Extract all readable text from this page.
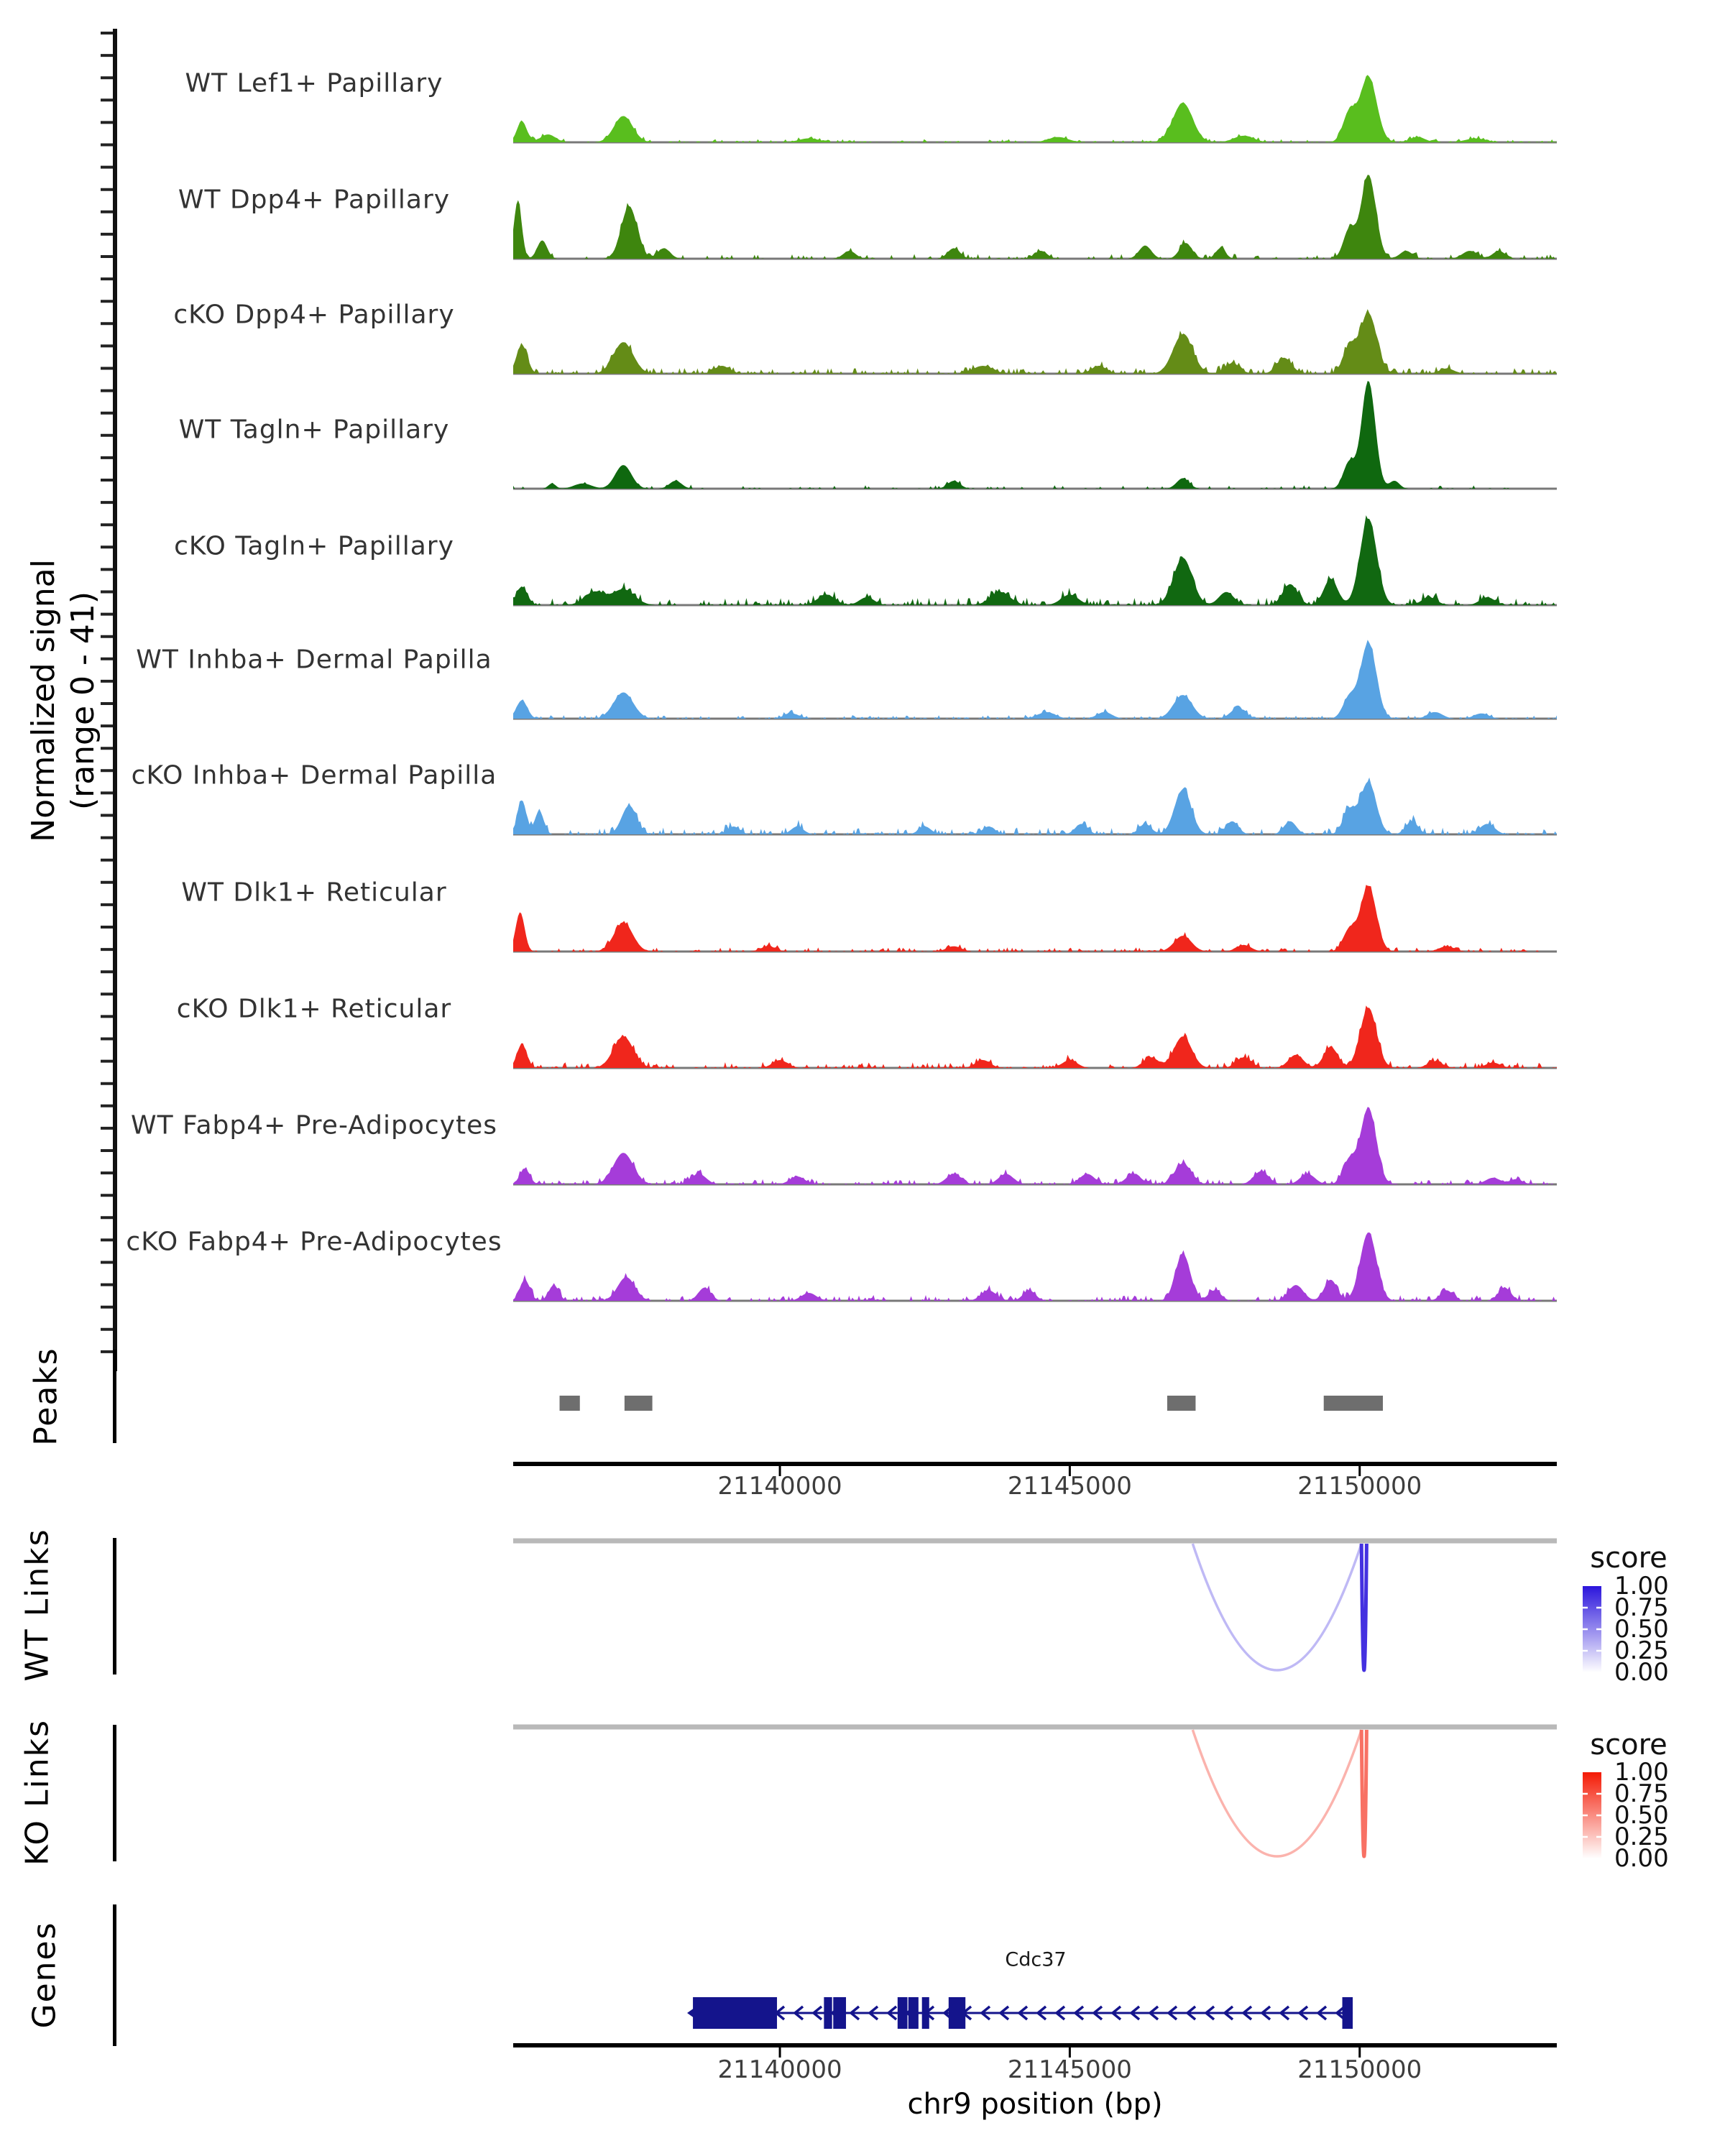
Normalized signal (range 0 - 41)
Peaks
WT Links
KO Links
Genes
score
score
Cdc37
chr9 position (bp)
WT Lef1+ Papillary
WT Dpp4+ Papillary
cKO Dpp4+ Papillary
WT Tagln+ Papillary
cKO Tagln+ Papillary
WT Inhba+ Dermal Papilla
cKO Inhba+ Dermal Papilla
WT Dlk1+ Reticular
cKO Dlk1+ Reticular
WT Fabp4+ Pre-Adipocytes
cKO Fabp4+ Pre-Adipocytes
21140000	21145000	21150000
1.00
0.75
0.50
0.25
0.00
1.00
0.75
0.50
0.25
0.00
21140000	21145000	21150000
